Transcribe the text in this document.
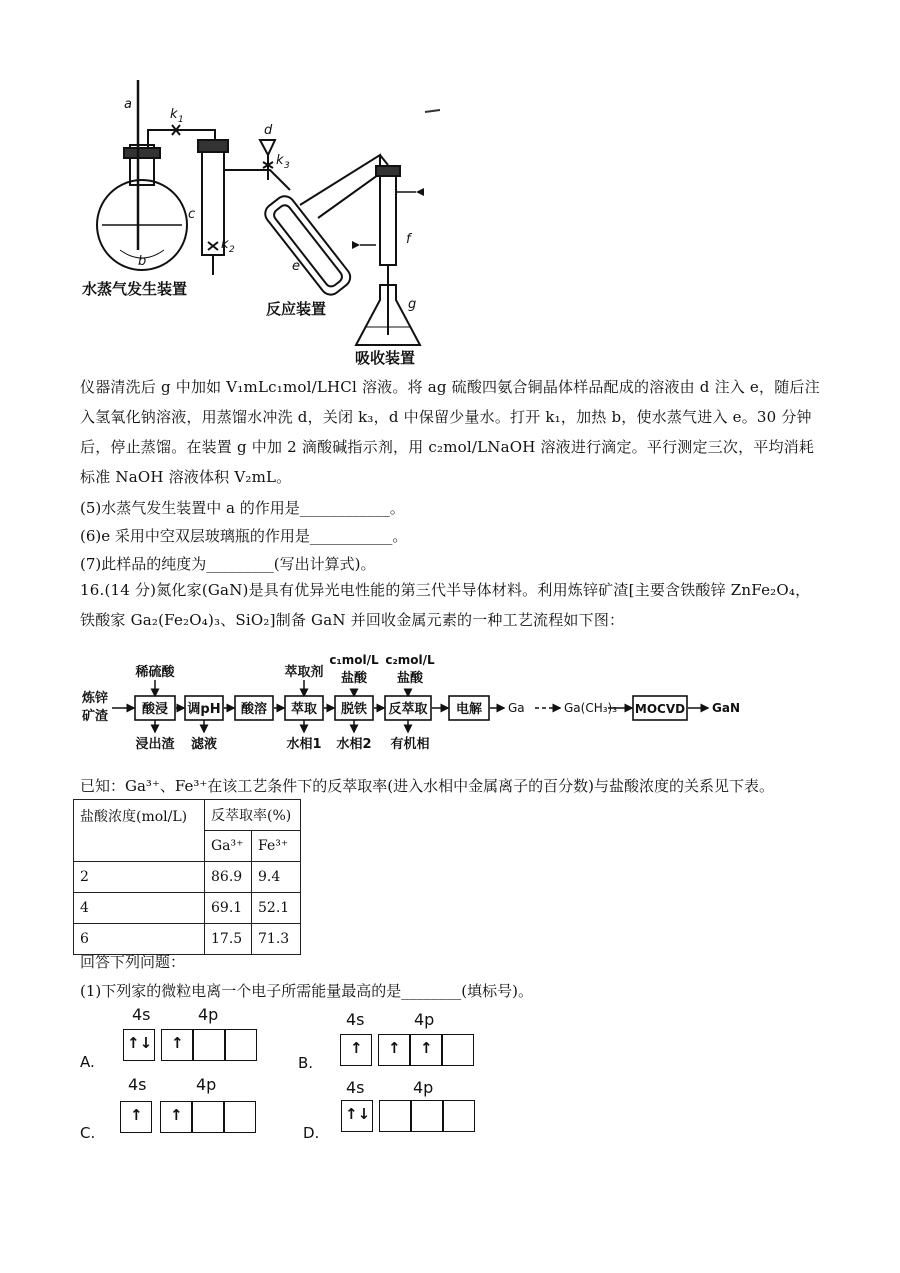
a
b
c
d
e
f
g
k 1
k 2
k 3
水蒸气发生装置
反应装置
吸收装置
仪器清洗后 g 中加如 V₁mLc₁mol/LHCl 溶液。将 ag 硫酸四氨合铜晶体样品配成的溶液由 d 注入 e，随后注入氢氧化钠溶液，用蒸馏水冲洗 d，关闭 k₃，d 中保留少量水。打开 k₁，加热 b，使水蒸气进入 e。30 分钟后，停止蒸馏。在装置 g 中加 2 滴酸碱指示剂，用 c₂mol/LNaOH 溶液进行滴定。平行测定三次，平均消耗标准 NaOH 溶液体积 V₂mL。
(5)水蒸气发生装置中 a 的作用是____________。
(6)e 采用中空双层玻璃瓶的作用是___________。
(7)此样品的纯度为_________(写出计算式)。
16.(14 分)氮化家(GaN)是具有优异光电性能的第三代半导体材料。利用炼锌矿渣[主要含铁酸锌 ZnFe₂O₄，铁酸家 Ga₂(Fe₂O₄)₃、SiO₂]制备 GaN 并回收金属元素的一种工艺流程如下图：
炼锌
矿渣	酸浸 调pH 酸溶 萃取 脱铁 反萃取 电解	MOCVD
稀硫酸	萃取剂
c₁mol/L
盐酸
c₂mol/L
盐酸
浸出渣 滤液	水相1 水相2 有机相
Ga	Ga(CH₃)₃	GaN
已知：Ga³⁺、Fe³⁺在该工艺条件下的反萃取率(进入水相中金属离子的百分数)与盐酸浓度的关系见下表。
盐酸浓度(mol/L)	反萃取率(%)	
	Ga³⁺	Fe³⁺
2	86.9	9.4
4	69.1	52.1
6	17.5	71.3
回答下列问题：
(1)下列家的微粒电离一个电子所需能量最高的是________(填标号)。
4s	4p
↑↓ ↑
A.
4s	4p
↑ ↑ ↑
B.
4s	4p
↑ ↑
C.
4s	4p
↑↓
D.
